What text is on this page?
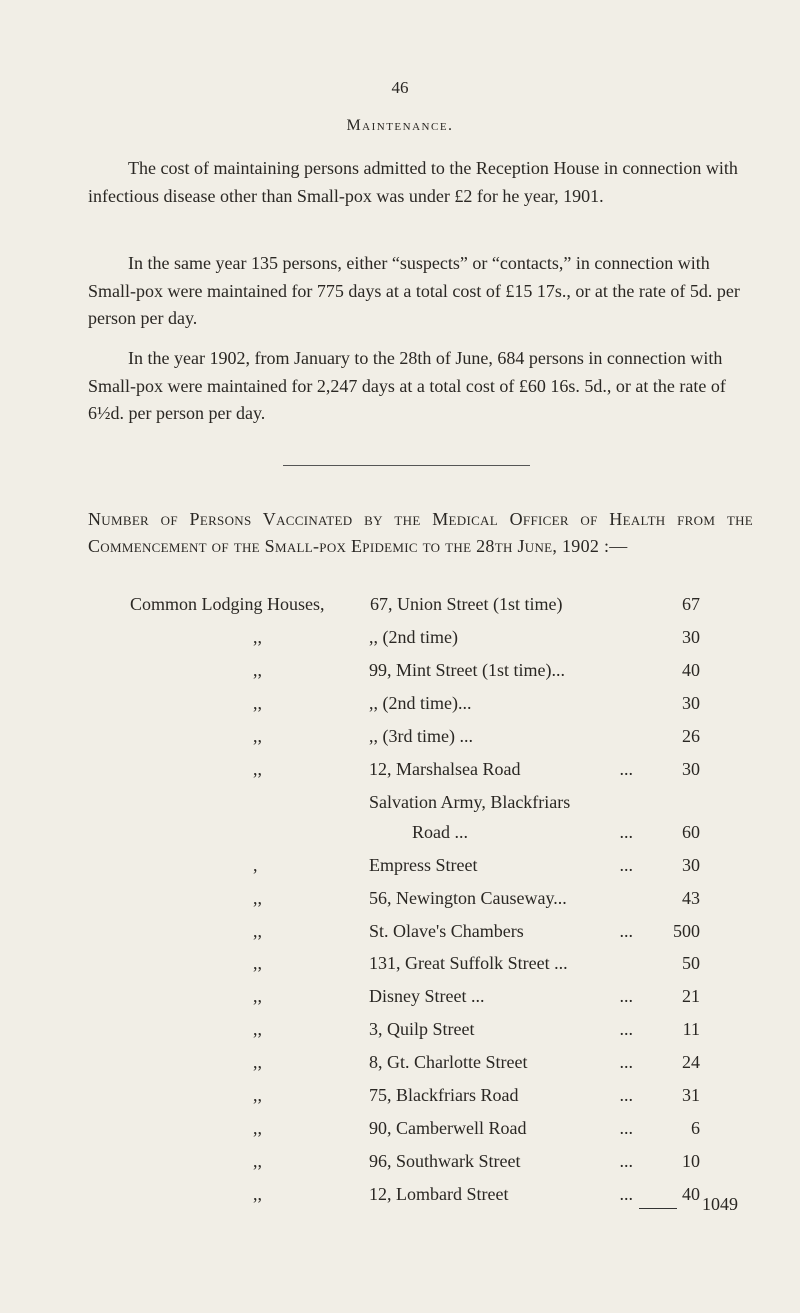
46
Maintenance.
The cost of maintaining persons admitted to the Reception House in connection with infectious disease other than Small-pox was under £2 for he year, 1901.
In the same year 135 persons, either “suspects” or “contacts,” in connection with Small-pox were maintained for 775 days at a total cost of £15 17s., or at the rate of 5d. per person per day.
In the year 1902, from January to the 28th of June, 684 persons in connection with Small-pox were maintained for 2,247 days at a total cost of £60 16s. 5d., or at the rate of 6½d. per person per day.
Number of Persons Vaccinated by the Medical Officer of Health from the Commencement of the Small-pox Epidemic to the 28th June, 1902 :—
Common Lodging Houses,	67, Union Street (1st time)	67
,,	,, (2nd time)	30
,,	99, Mint Street (1st time)...	40
,,	,, (2nd time)...	30
,,	,, (3rd time) ...	26
,,	12, Marshalsea Road	...	30
Salvation Army, Blackfriars
Road ...	...	60
,	Empress Street	...	30
,,	56, Newington Causeway...	43
,,	St. Olave's Chambers	...	500
,,	131, Great Suffolk Street ...	50
,,	Disney Street ...	...	21
,,	3, Quilp Street	...	11
,,	8, Gt. Charlotte Street	...	24
,,	75, Blackfriars Road	...	31
,,	90, Camberwell Road	...	6
,,	96, Southwark Street	...	10
,,	12, Lombard Street	...	40 1049
